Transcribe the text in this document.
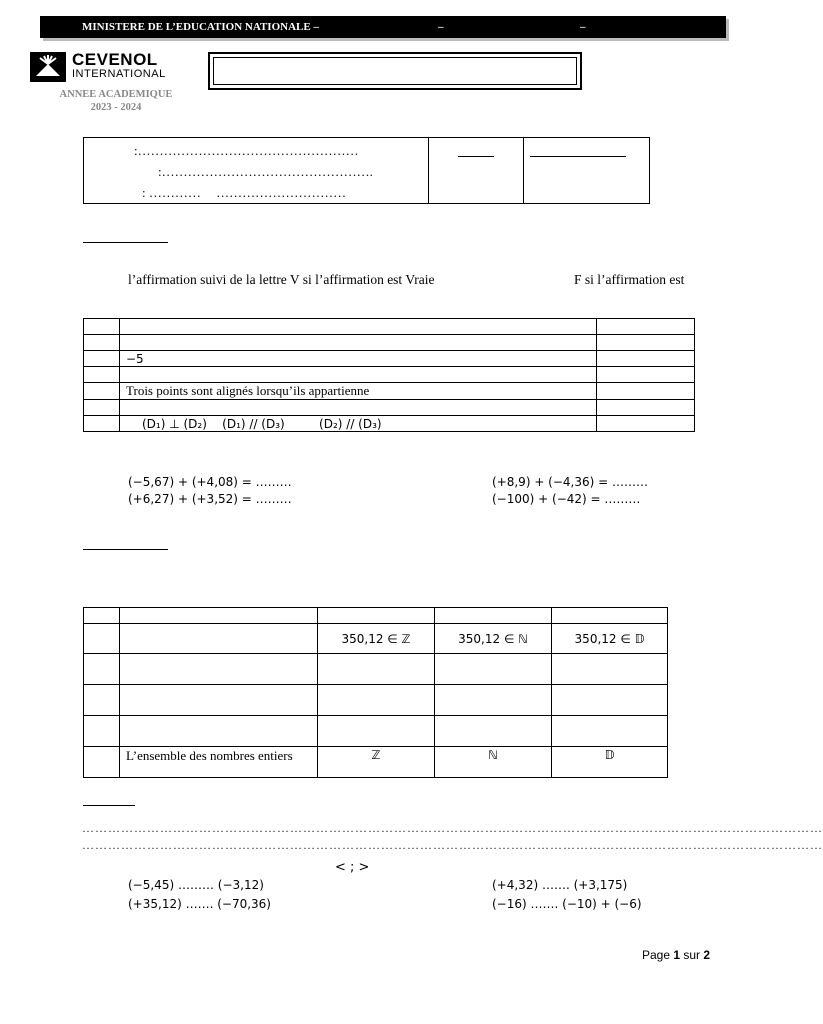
MINISTERE DE L’EDUCATION NATIONALE –	–	–
CEVENOL
INTERNATIONAL
ANNEE ACADEMIQUE
2023 - 2024
:……………………………………………
:………………………………………….
: ………… …………………………

l’affirmation suivi de la lettre V si l’affirmation est Vraie	F si l’affirmation est

	−5	

	Trois points sont alignés lorsqu’ils appartienne	

	(D₁) ⊥ (D₂)    (D₁) // (D₃)         (D₂) // (D₃)	
(−5,67) + (+4,08) = ………
(+6,27) + (+3,52) = ………
(+8,9) + (−4,36) = ………
(−100) + (−42) = ………

		350,12 ∈ ℤ	350,12 ∈ ℕ	350,12 ∈ 𝔻

	L’ensemble des nombres entiers	ℤ	ℕ	𝔻
………………………………………………………………………………………………………………………………………………………
………………………………………………………………………………………………………………………………………………………
< ; >
(−5,45) ……… (−3,12)
(+35,12) ……. (−70,36)
(+4,32) ……. (+3,175)
(−16) ……. (−10) + (−6)
Page 1 sur 2
